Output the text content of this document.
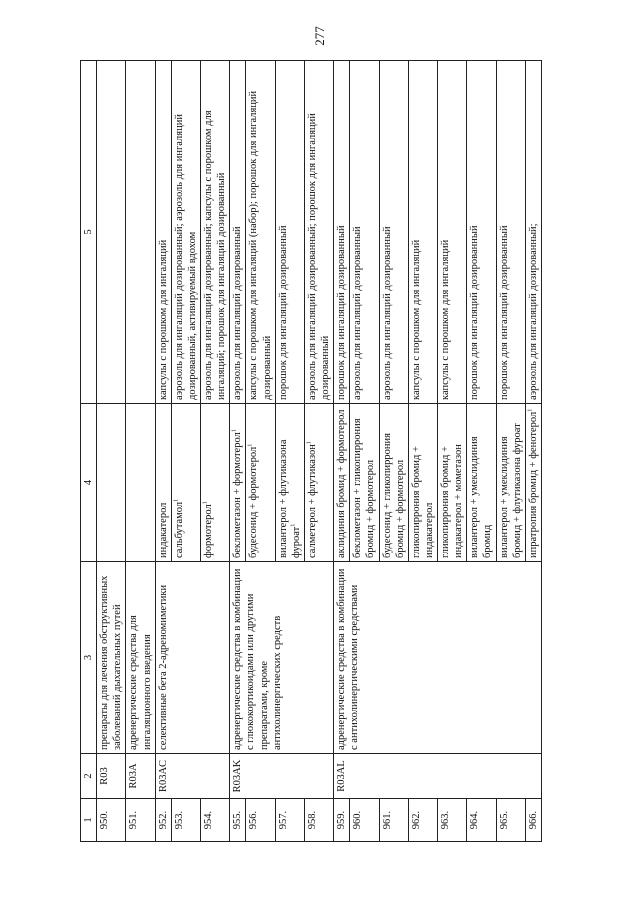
277
1	2	3	4	5
950.	R03	препараты для лечения обструктивных заболеваний дыхательных путей		
951.	R03A	адренергические средства для ингаляционного введения		
952.	R03AC	селективные бета 2-адреномиметики	индакатерол	капсулы с порошком для ингаляций
953.			сальбутамол$^1$	аэрозоль для ингаляций дозированный; аэрозоль для ингаляций дозированный, активируемый вдохом
954.			формотерол$^1$	аэрозоль для ингаляций дозированный; капсулы с порошком для ингаляций; порошок для ингаляций дозированный
955.	R03AK	адренергические средства в комбинации с глюкокортикоидами или другими препаратами, кроме антихолинергических средств	беклометазон + формотерол$^1$	аэрозоль для ингаляций дозированный
956.			будесонид + формотерол$^1$	капсулы с порошком для ингаляций (набор); порошок для ингаляций дозированный
957.			вилантерол + флутиказона фуроат$^1$	порошок для ингаляций дозированный
958.			салметерол + флутиказон$^1$	аэрозоль для ингаляций дозированный; порошок для ингаляций дозированный
959.	R03AL	адренергические средства в комбинации с антихолинергическими средствами	аклидиния бромид + формотерол	порошок для ингаляций дозированный
960.			беклометазон + гликопиррония бромид + формотерол	аэрозоль для ингаляций дозированный
961.			будесонид + гликопиррония бромид + формотерол	аэрозоль для ингаляций дозированный
962.			гликопиррония бромид + индакатерол	капсулы с порошком для ингаляций
963.			гликопиррония бромид + индакатерол + мометазон	капсулы с порошком для ингаляций
964.			вилантерол + умеклидиния бромид	порошок для ингаляций дозированный
965.			вилантерол + умеклидиния бромид + флутиказона фуроат	порошок для ингаляций дозированный
966.			ипратропия бромид + фенотерол$^1$	аэрозоль для ингаляций дозированный;
